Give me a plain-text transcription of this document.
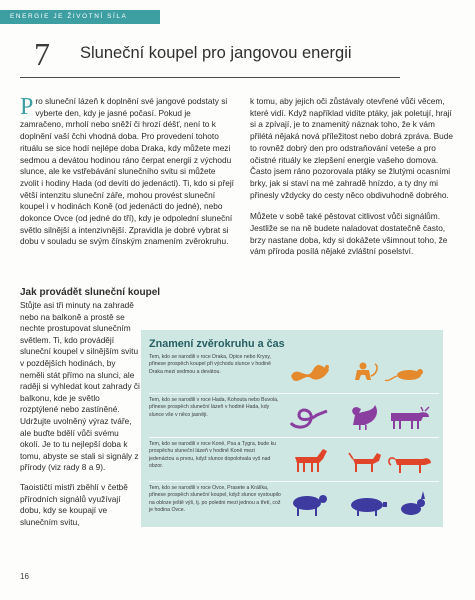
ENERGIE JE ŽIVOTNÍ SÍLA
7 Sluneční koupel pro jangovou energii

Pro sluneční lázeň k doplnění své jangové podstaty si vyberte den, kdy je jasné počasí. Pokud je zamračeno, mrholí nebo sněží či hrozí déšť, není to k doplnění vaší čchi vhodná doba. Pro provedení tohoto rituálu se sice hodí nejlépe doba Draka, kdy můžete mezi sedmou a devátou hodinou ráno čerpat energii z východu slunce, ale ke vstřebávání slunečního svitu si můžete zvolit i hodiny Hada (od devíti do jedenácti). Ti, kdo si přejí větší intenzitu sluneční záře, mohou provést sluneční koupel i v hodinách Koně (od jedenácti do jedné), nebo dokonce Ovce (od jedné do tří), kdy je odpolední sluneční světlo silnější a intenzivnější. Zpravidla je dobré vybrat si dobu v souladu se svým čínským znamením zvěrokruhu.

Jak provádět sluneční koupel

Stůjte asi tři minuty na zahradě nebo na balkoně a prostě se nechte prostupovat slunečním světlem. Ti, kdo provádějí sluneční koupel v silnějším svitu v pozdějších hodinách, by neměli stát přímo na slunci, ale raději si vyhledat kout zahrady či balkonu, kde je světlo rozptýlené nebo zastíněné. Udržujte uvolněný výraz tváře, ale buďte bdělí vůči svému okolí. Je to tu nejlepší doba k tomu, abyste se stali si signály z přírody (viz rady 8 a 9).

Taoističtí mistři zběhlí v četbě přírodních signálů využívají dobu, kdy se koupají ve slunečním svitu,

k tomu, aby jejich oči zůstávaly otevřené vůči věcem, které vidí. Když například vidíte ptáky, jak poletují, hrají si a zpívají, je to znamenitý náznak toho, že k vám přilétá nějaká nová příležitost nebo dobrá zpráva. Bude to rovněž dobrý den pro odstraňování veteše a pro očistné rituály ke zlepšení energie vašeho domova. Často jsem ráno pozorovala ptáky se žlutými ocasními brky, jak si staví na mé zahradě hnízdo, a ty dny mi přinesly vždycky do cesty něco obdivuhodně dobrého.

Můžete v sobě také pěstovat citlivost vůči signálům. Jestliže se na ně budete naladovat dostatečně často, brzy nastane doba, kdy si dokážete všimnout toho, že vám příroda posílá nějaké zvláštní poselství.

Znamení zvěrokruhu a čas
Tem, kdo se narodili v roce Draka, Opice nebo Krysy, přinese prospěch koupel při východu slunce v hodině Draka mezi sedmou a devátou.
Tem, kdo se narodili v roce Hada, Kohouta nebo Buvola, přinese prospěch sluneční lázeň v hodině Hada, kdy slunce vše v něco jasněji.
Tem, kdo se narodili v roce Koně, Psa a Tygra, bude ku prospěchu sluneční lázeň v hodině Koně mezi jedenáctou a prvou, když slunce dopolotvala vyš nad obzor.
Tem, kdo se narodili v roce Ovce, Prasete a Králíka, přinese prospěch sluneční koupel, když slunce vystoupilo na obloze ještě výš, tj. po poledni mezi jednou a třetí, což je hodina Ovce.
16
